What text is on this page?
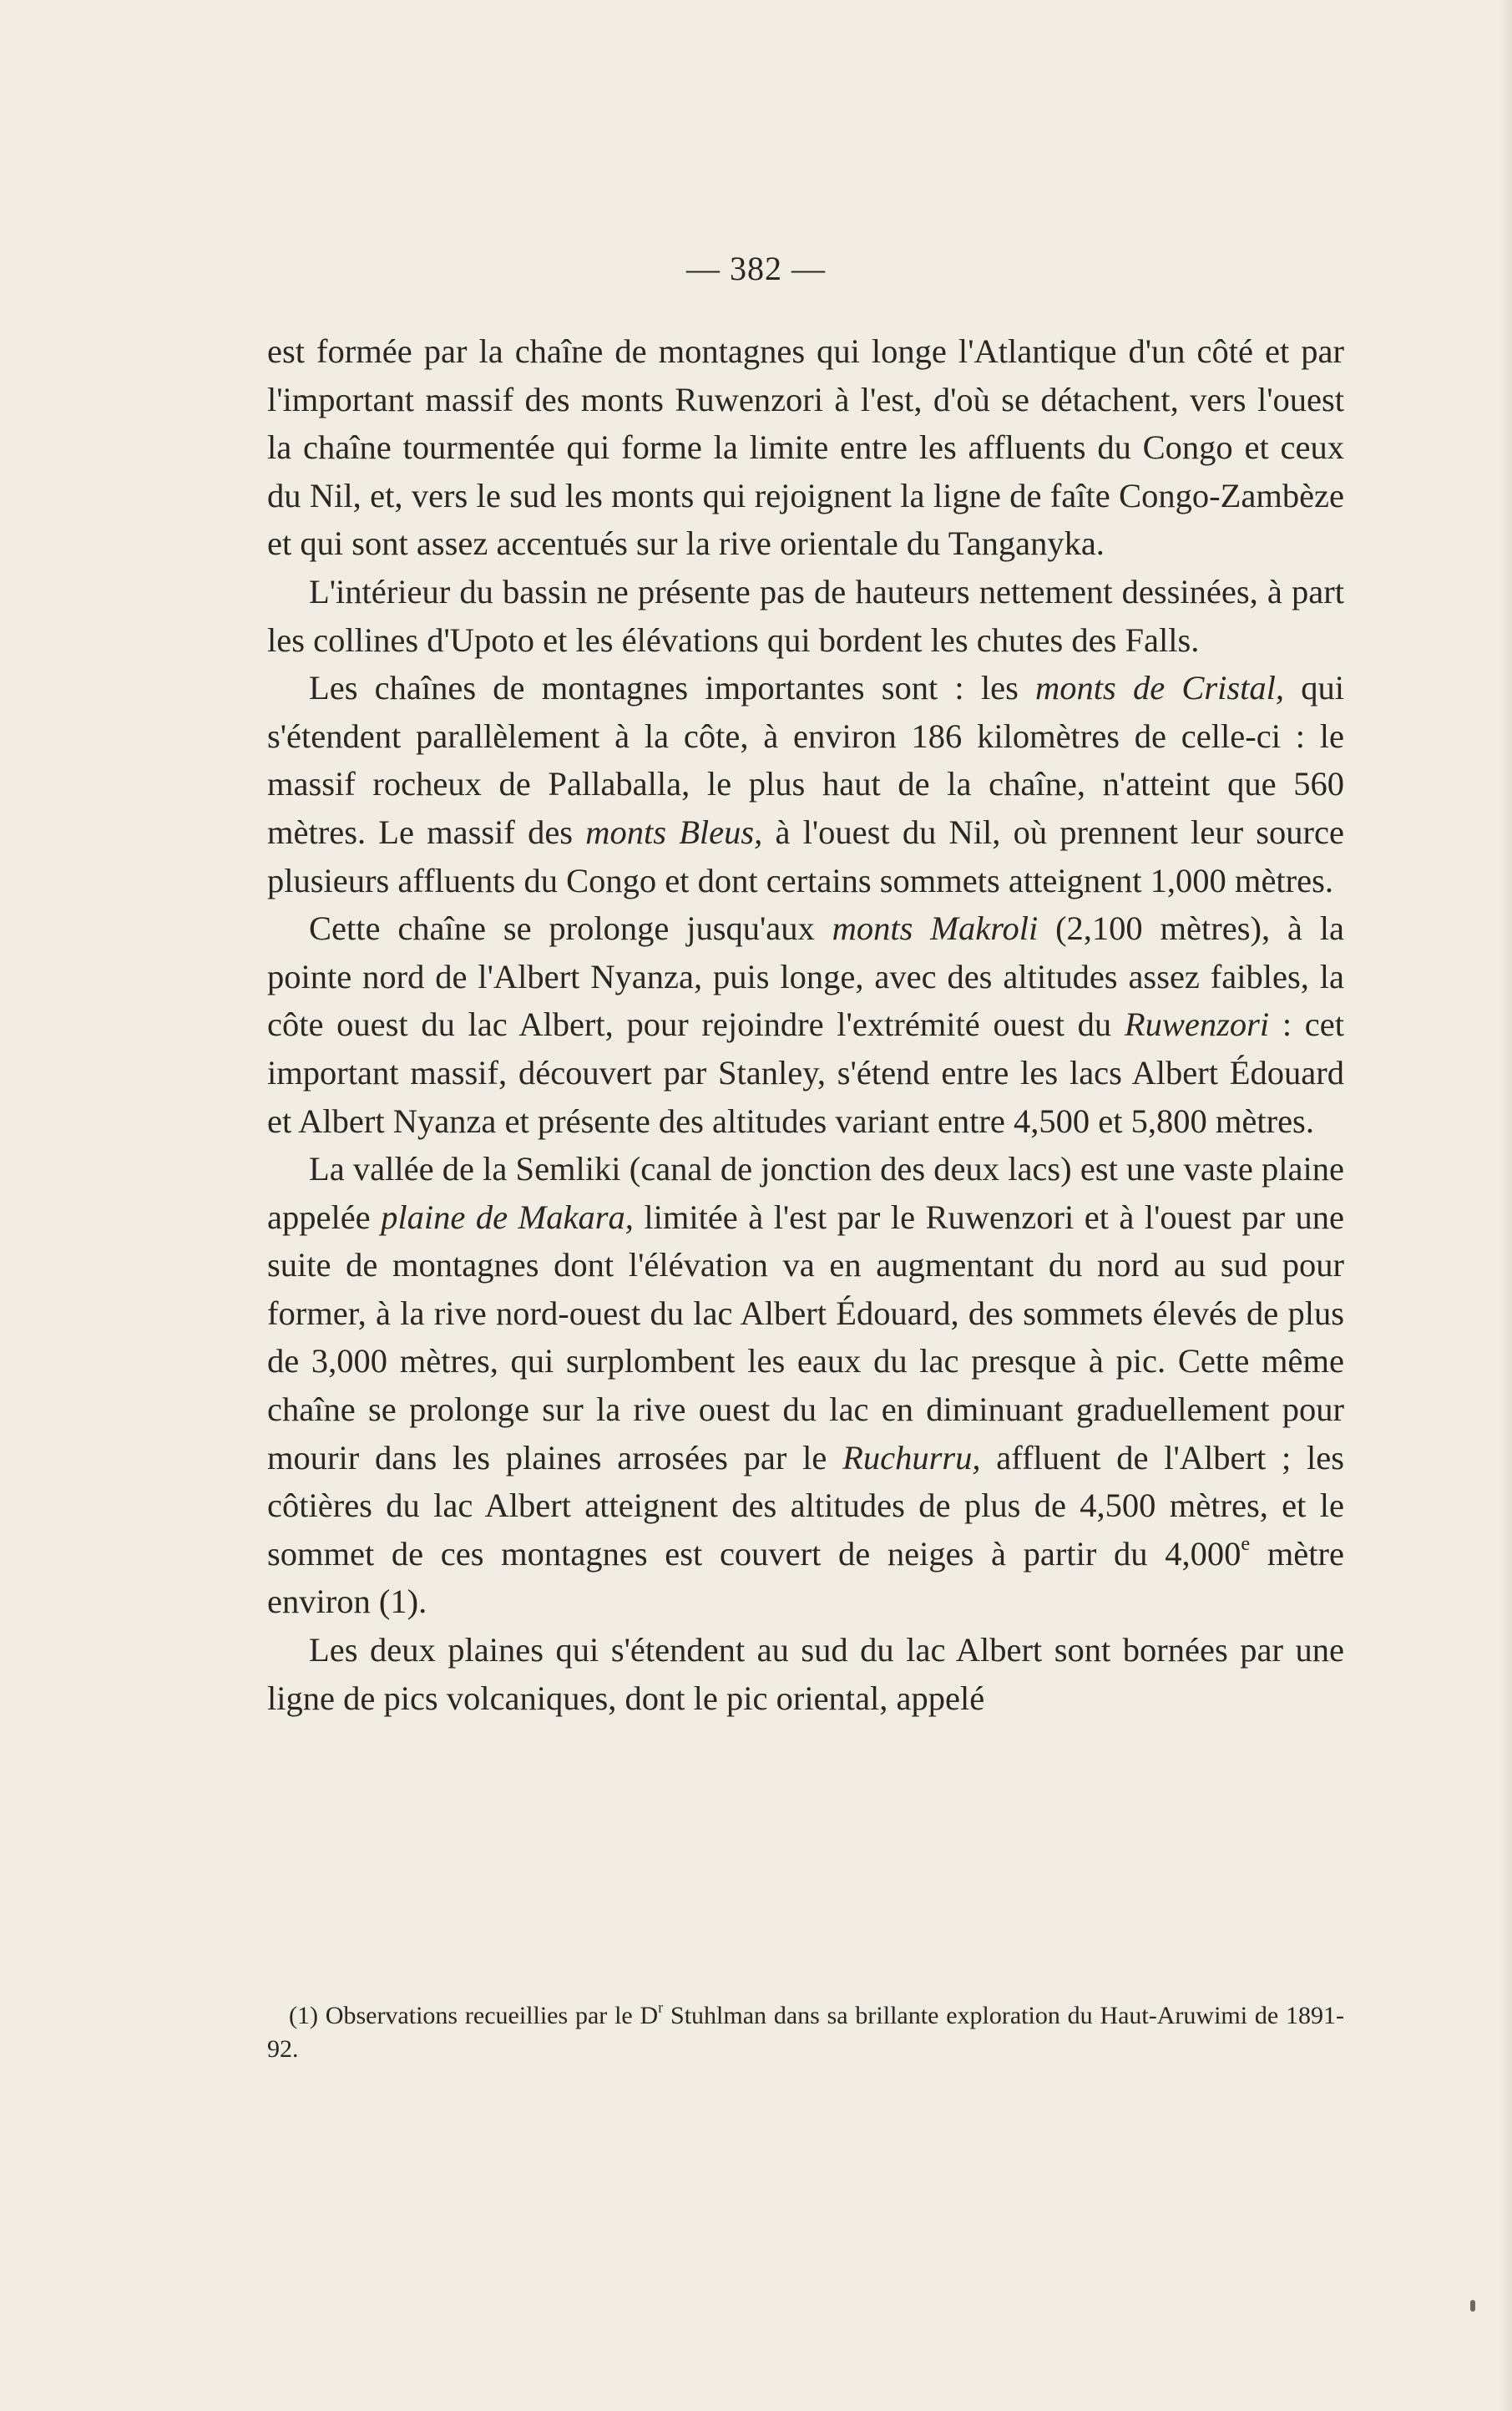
— 382 —

est formée par la chaîne de montagnes qui longe l'Atlantique d'un côté et par l'important massif des monts Ruwenzori à l'est, d'où se détachent, vers l'ouest la chaîne tourmentée qui forme la limite entre les affluents du Congo et ceux du Nil, et, vers le sud les monts qui rejoignent la ligne de faîte Congo-Zambèze et qui sont assez accentués sur la rive orientale du Tanganyka.

L'intérieur du bassin ne présente pas de hauteurs nettement dessinées, à part les collines d'Upoto et les élévations qui bordent les chutes des Falls.

Les chaînes de montagnes importantes sont : les monts de Cristal, qui s'étendent parallèlement à la côte, à environ 186 kilomètres de celle-ci : le massif rocheux de Pallaballa, le plus haut de la chaîne, n'atteint que 560 mètres. Le massif des monts Bleus, à l'ouest du Nil, où prennent leur source plusieurs affluents du Congo et dont certains sommets atteignent 1,000 mètres.

Cette chaîne se prolonge jusqu'aux monts Makroli (2,100 mètres), à la pointe nord de l'Albert Nyanza, puis longe, avec des altitudes assez faibles, la côte ouest du lac Albert, pour rejoindre l'extrémité ouest du Ruwenzori : cet important massif, découvert par Stanley, s'étend entre les lacs Albert Édouard et Albert Nyanza et présente des altitudes variant entre 4,500 et 5,800 mètres.

La vallée de la Semliki (canal de jonction des deux lacs) est une vaste plaine appelée plaine de Makara, limitée à l'est par le Ruwenzori et à l'ouest par une suite de montagnes dont l'élévation va en augmentant du nord au sud pour former, à la rive nord-ouest du lac Albert Édouard, des sommets élevés de plus de 3,000 mètres, qui surplombent les eaux du lac presque à pic. Cette même chaîne se prolonge sur la rive ouest du lac en diminuant graduellement pour mourir dans les plaines arrosées par le Ruchurru, affluent de l'Albert ; les côtières du lac Albert atteignent des altitudes de plus de 4,500 mètres, et le sommet de ces montagnes est couvert de neiges à partir du 4,000e mètre environ (1).

Les deux plaines qui s'étendent au sud du lac Albert sont bornées par une ligne de pics volcaniques, dont le pic oriental, appelé

(1) Observations recueillies par le $D^r$ Stuhlman dans sa brillante exploration du Haut-Aruwimi de 1891-92.
